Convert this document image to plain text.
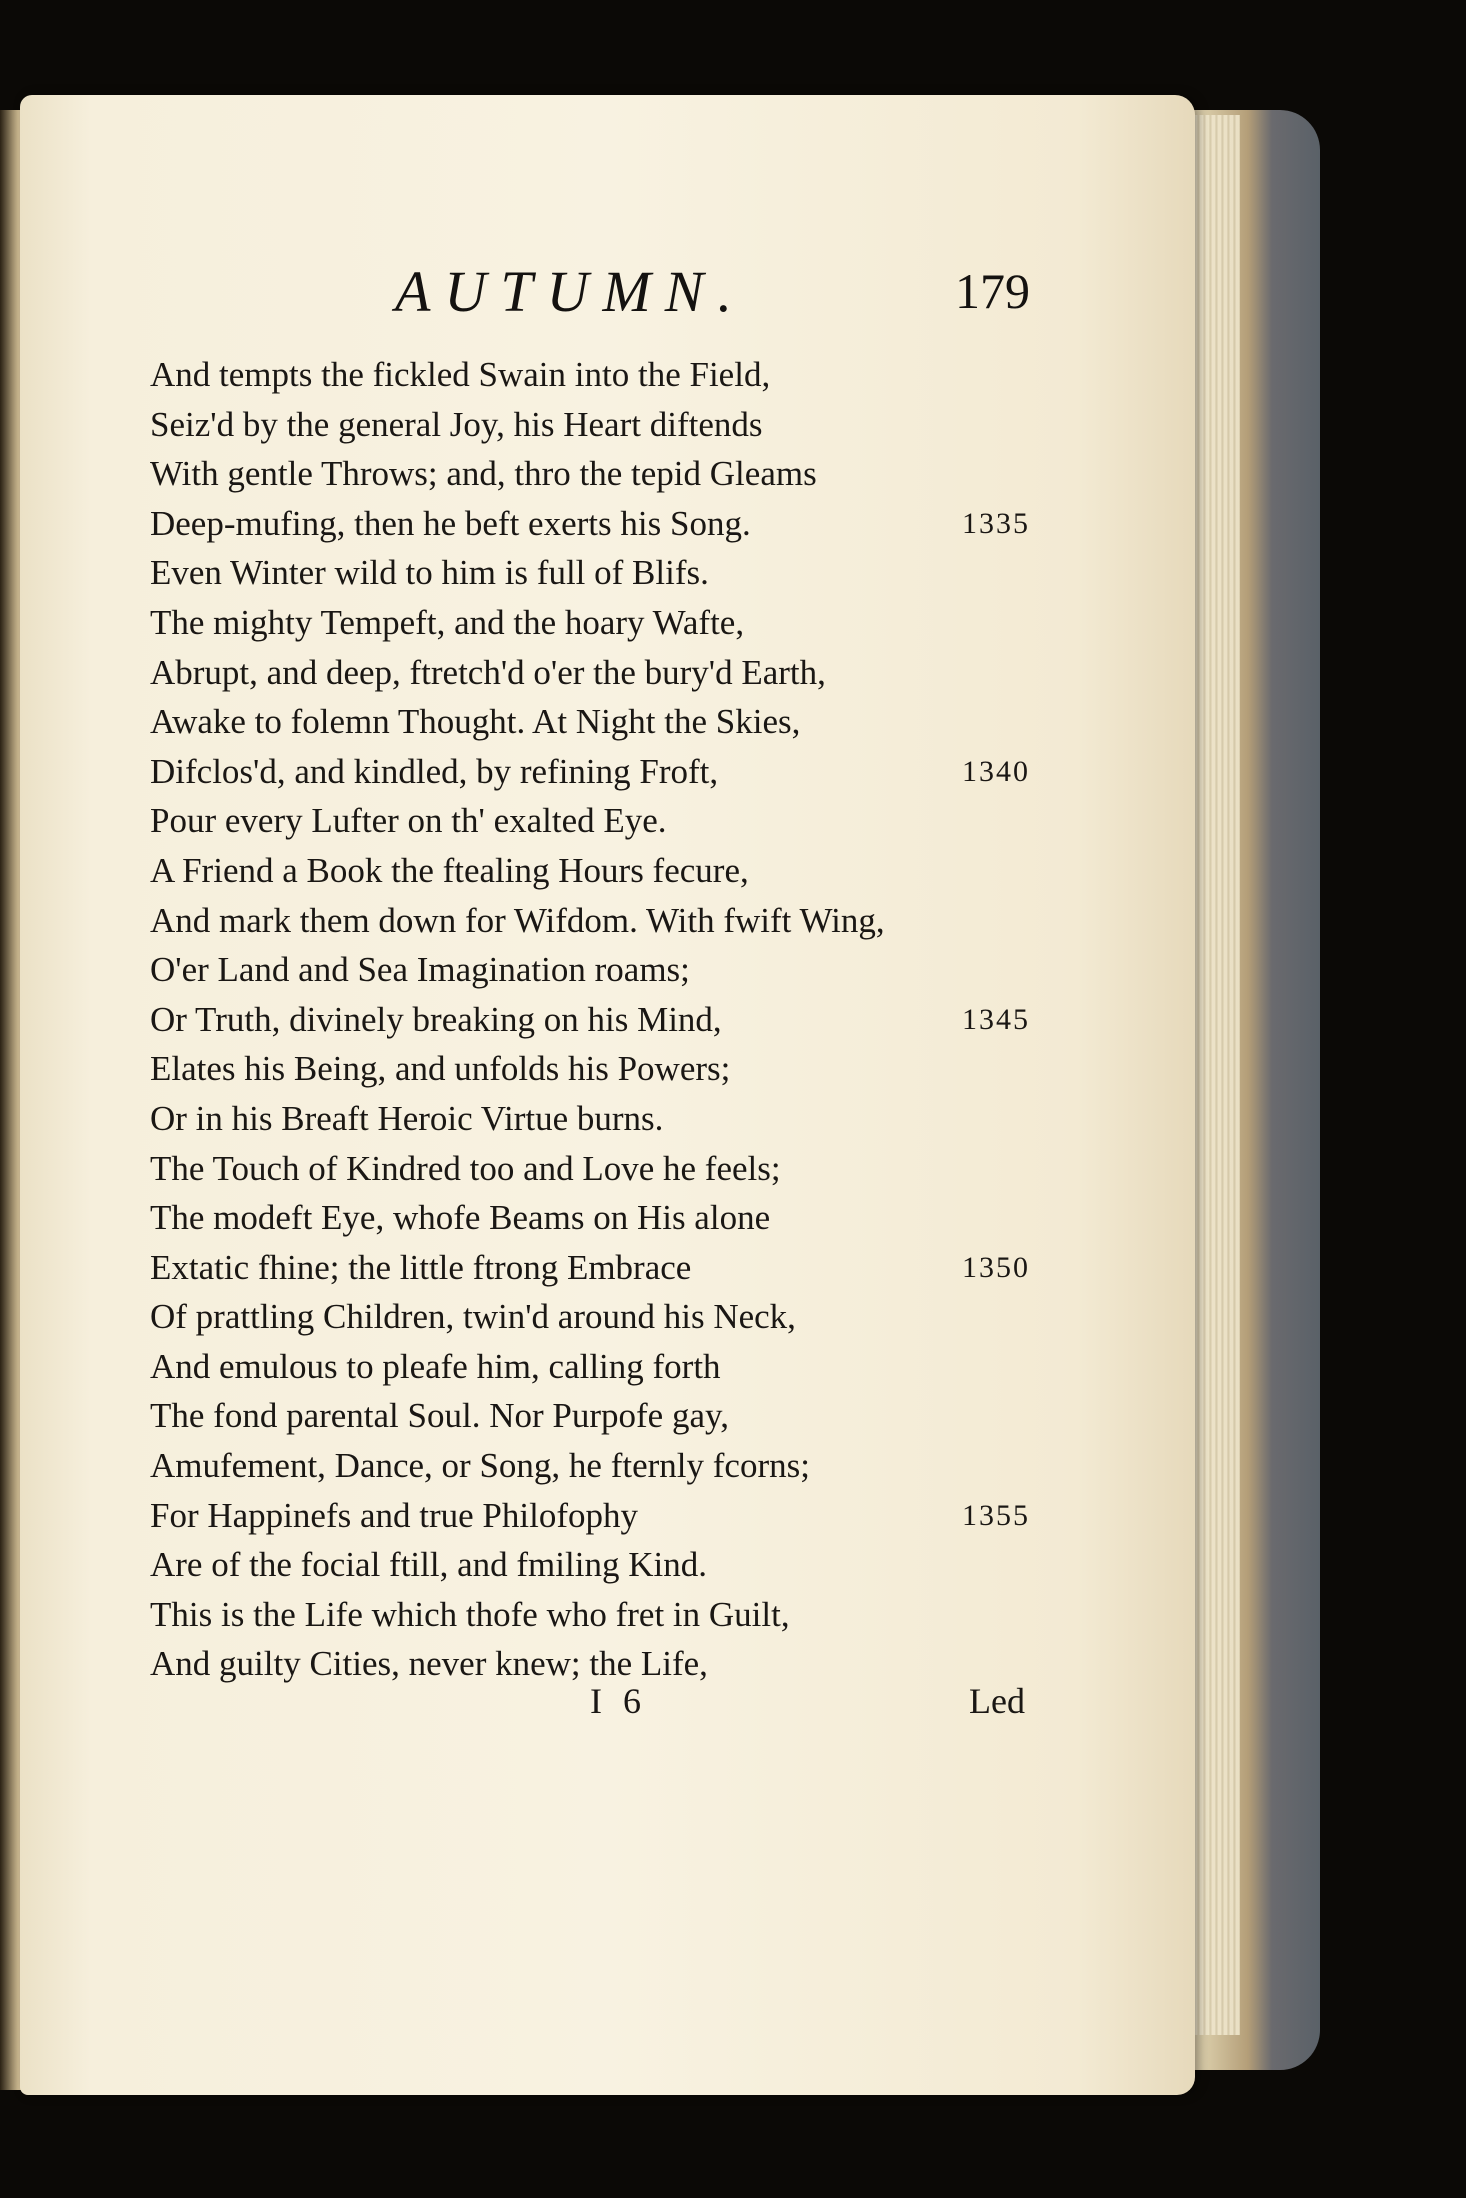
AUTUMN.	179
And tempts the fickled Swain into the Field,
Seiz'd by the general Joy, his Heart diftends
With gentle Throws; and, thro the tepid Gleams
Deep-mufing, then he beft exerts his Song.	1335
Even Winter wild to him is full of Blifs.
The mighty Tempeft, and the hoary Wafte,
Abrupt, and deep, ftretch'd o'er the bury'd Earth,
Awake to folemn Thought. At Night the Skies,
Difclos'd, and kindled, by refining Froft,	1340
Pour every Lufter on th' exalted Eye.
A Friend a Book the ftealing Hours fecure,
And mark them down for Wifdom. With fwift Wing,
O'er Land and Sea Imagination roams;
Or Truth, divinely breaking on his Mind,	1345
Elates his Being, and unfolds his Powers;
Or in his Breaft Heroic Virtue burns.
The Touch of Kindred too and Love he feels;
The modeft Eye, whofe Beams on His alone
Extatic fhine; the little ftrong Embrace	1350
Of prattling Children, twin'd around his Neck,
And emulous to pleafe him, calling forth
The fond parental Soul. Nor Purpofe gay,
Amufement, Dance, or Song, he fternly fcorns;
For Happinefs and true Philofophy	1355
Are of the focial ftill, and fmiling Kind.
This is the Life which thofe who fret in Guilt,
And guilty Cities, never knew; the Life,
I 6	Led
